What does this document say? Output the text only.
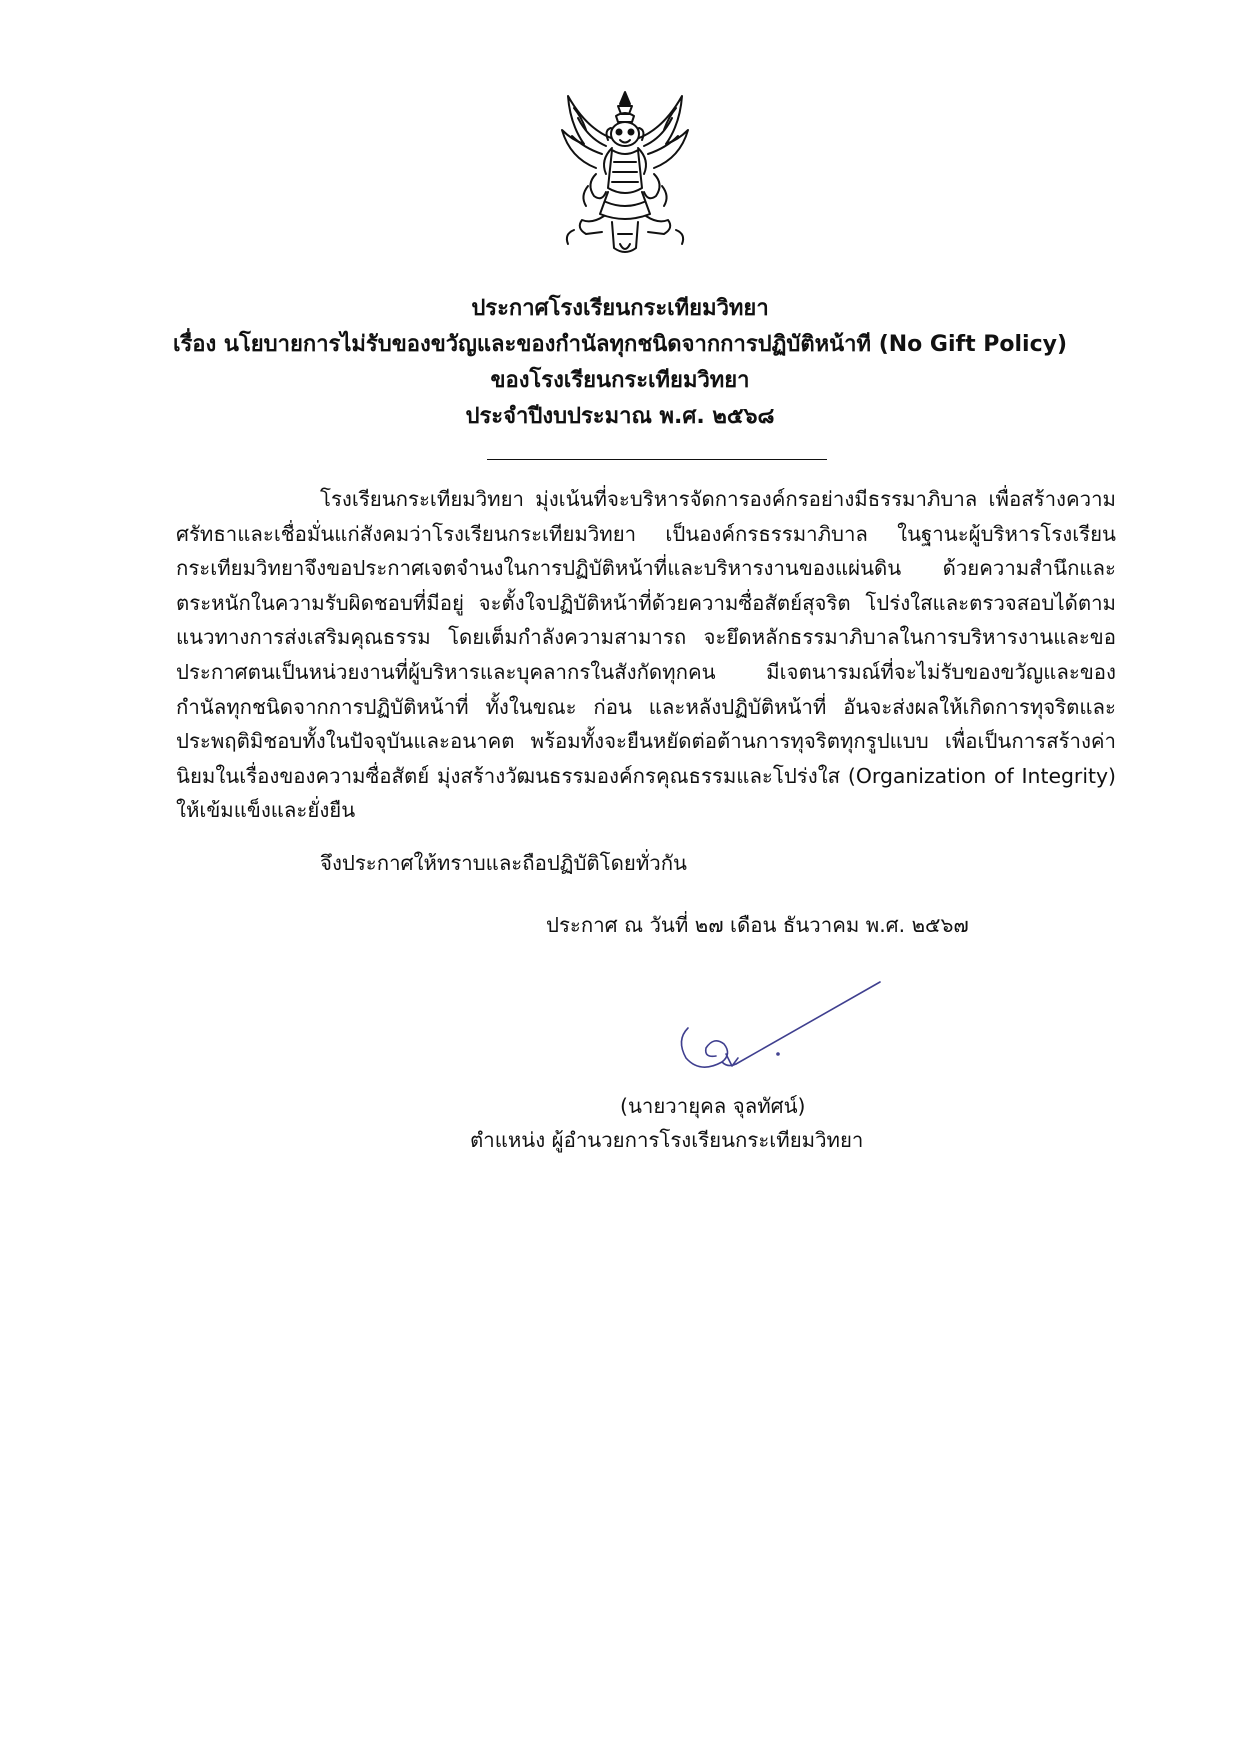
ประกาศโรงเรียนกระเทียมวิทยา
เรื่อง นโยบายการไม่รับของขวัญและของกำนัลทุกชนิดจากการปฏิบัติหน้าที (No Gift Policy)
ของโรงเรียนกระเทียมวิทยา
ประจำปีงบประมาณ พ.ศ. ๒๕๖๘

โรงเรียนกระเทียมวิทยา มุ่งเน้นที่จะบริหารจัดการองค์กรอย่างมีธรรมาภิบาล เพื่อสร้างความศรัทธาและเชื่อมั่นแก่สังคมว่าโรงเรียนกระเทียมวิทยา เป็นองค์กรธรรมาภิบาล ในฐานะผู้บริหารโรงเรียนกระเทียมวิทยาจึงขอประกาศเจตจำนงในการปฏิบัติหน้าที่และบริหารงานของแผ่นดิน ด้วยความสำนึกและตระหนักในความรับผิดชอบที่มีอยู่ จะตั้งใจปฏิบัติหน้าที่ด้วยความซื่อสัตย์สุจริต โปร่งใสและตรวจสอบได้ตามแนวทางการส่งเสริมคุณธรรม โดยเต็มกำลังความสามารถ จะยึดหลักธรรมาภิบาลในการบริหารงานและขอประกาศตนเป็นหน่วยงานที่ผู้บริหารและบุคลากรในสังกัดทุกคน มีเจตนารมณ์ที่จะไม่รับของขวัญและของกำนัลทุกชนิดจากการปฏิบัติหน้าที่ ทั้งในขณะ ก่อน และหลังปฏิบัติหน้าที่ อันจะส่งผลให้เกิดการทุจริตและประพฤติมิชอบทั้งในปัจจุบันและอนาคต พร้อมทั้งจะยืนหยัดต่อต้านการทุจริตทุกรูปแบบ เพื่อเป็นการสร้างค่านิยมในเรื่องของความซื่อสัตย์ มุ่งสร้างวัฒนธรรมองค์กรคุณธรรมและโปร่งใส (Organization of Integrity) ให้เข้มแข็งและยั่งยืน

จึงประกาศให้ทราบและถือปฏิบัติโดยทั่วกัน
ประกาศ ณ วันที่ ๒๗ เดือน ธันวาคม พ.ศ. ๒๕๖๗
(นายวายุคล จุลทัศน์)
ตำแหน่ง ผู้อำนวยการโรงเรียนกระเทียมวิทยา
